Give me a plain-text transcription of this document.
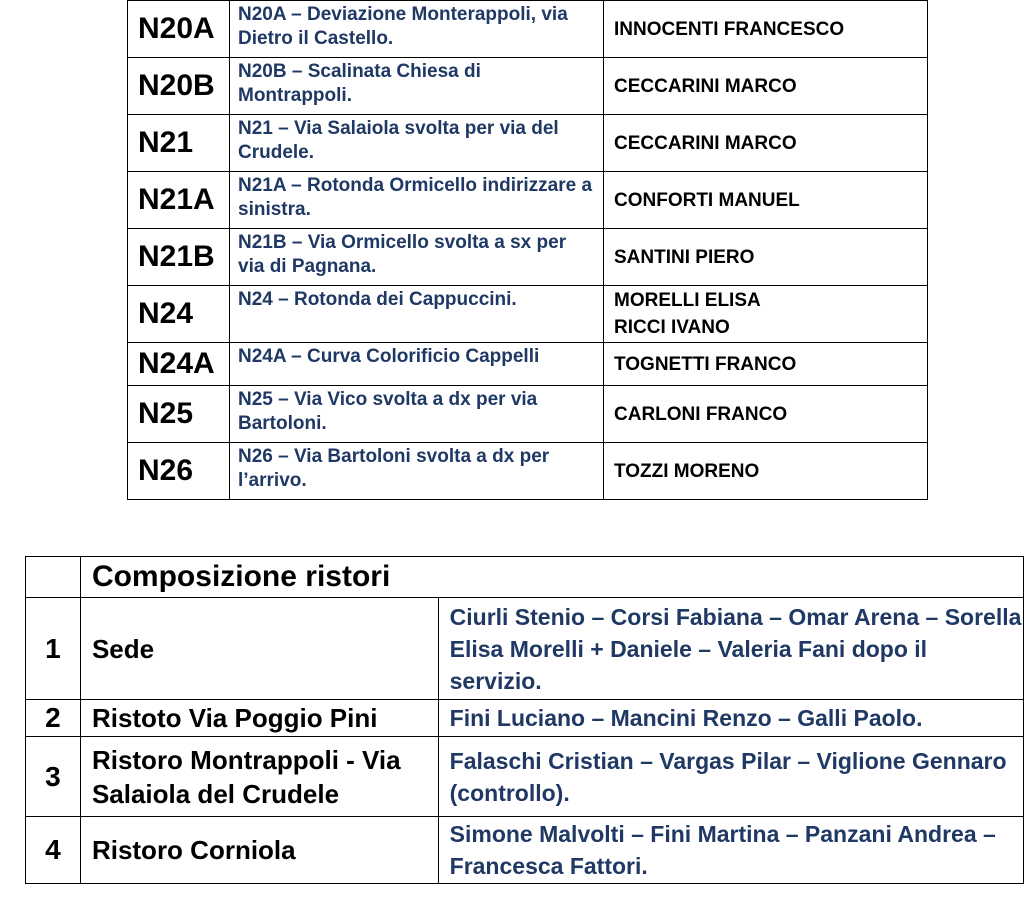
N20A	N20A – Deviazione Monterappoli, via Dietro il Castello.	INNOCENTI FRANCESCO

N20B	N20B – Scalinata Chiesa di Montrappoli.	CECCARINI MARCO

N21	N21 – Via Salaiola svolta per via del Crudele.	CECCARINI MARCO

N21A	N21A – Rotonda Ormicello indirizzare a sinistra.	CONFORTI MANUEL

N21B	N21B – Via Ormicello svolta a sx per via di Pagnana.	SANTINI PIERO

N24	N24 – Rotonda dei Cappuccini.	MORELLI ELISA
RICCI IVANO

N24A	N24A – Curva Colorificio Cappelli	TOGNETTI FRANCO

N25	N25 – Via Vico svolta a dx per via Bartoloni.	CARLONI FRANCO

N26	N26 – Via Bartoloni svolta a dx per l’arrivo.	TOZZI MORENO
	Composizione ristori	
1	Sede	Ciurli Stenio – Corsi Fabiana – Omar Arena – Sorella Elisa Morelli + Daniele – Valeria Fani dopo il servizio.
2	Ristoto Via Poggio Pini	Fini Luciano – Mancini Renzo – Galli Paolo.
3	Ristoro Montrappoli - Via Salaiola del Crudele	Falaschi Cristian – Vargas Pilar – Viglione Gennaro (controllo).
4	Ristoro Corniola	Simone Malvolti – Fini Martina – Panzani Andrea – Francesca Fattori.
